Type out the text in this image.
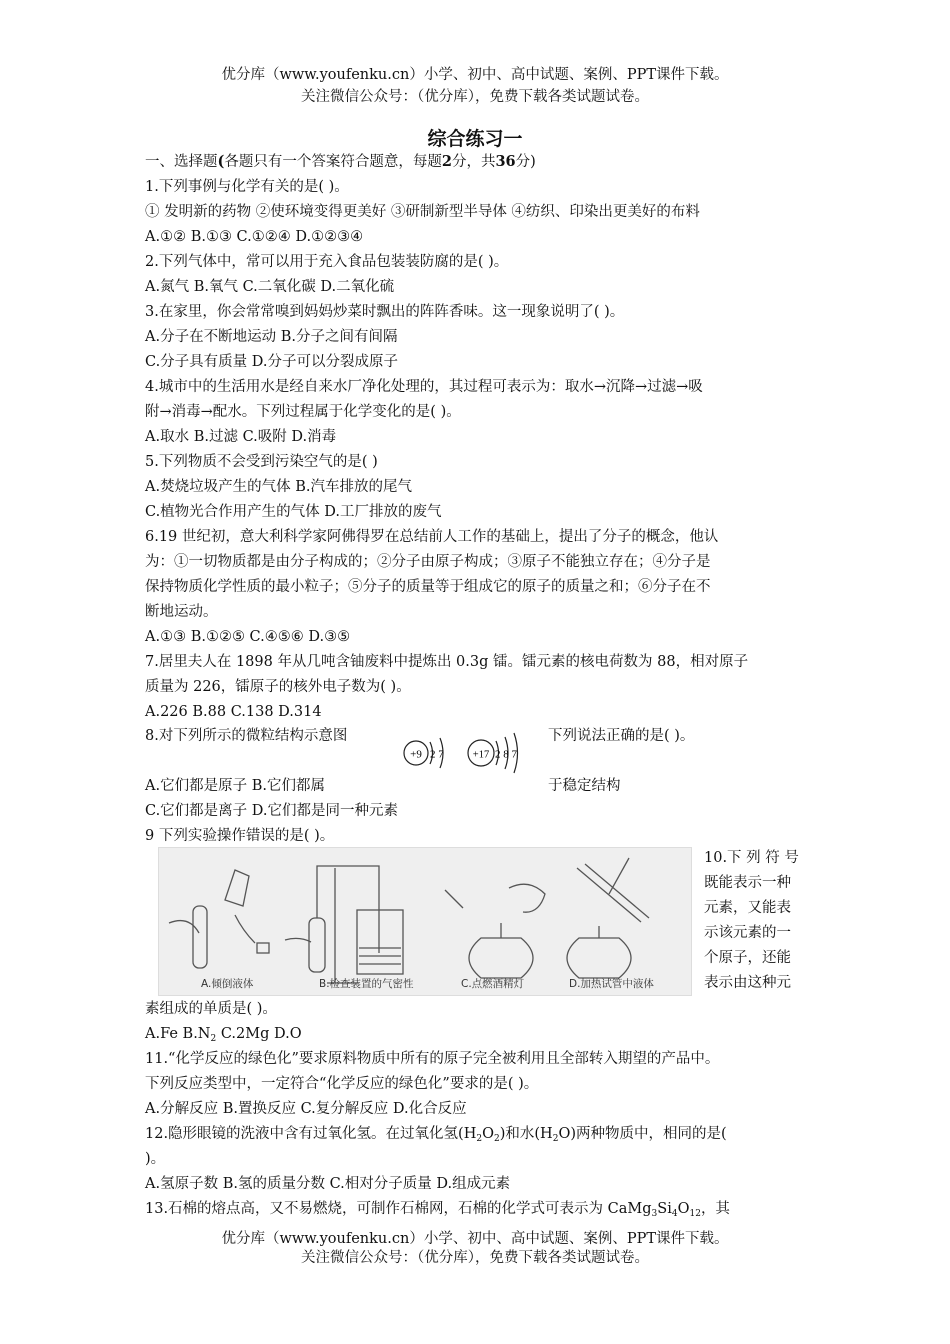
优分库（www.youfenku.cn）小学、初中、高中试题、案例、PPT课件下载。
关注微信公众号：（优分库），免费下载各类试题试卷。
综合练习一
一、选择题(各题只有一个答案符合题意，每题2分，共36分)
1.下列事例与化学有关的是( )。
① 发明新的药物 ②使环境变得更美好 ③研制新型半导体 ④纺织、印染出更美好的布料
A.①② B.①③ C.①②④ D.①②③④
2.下列气体中，常可以用于充入食品包装装防腐的是( )。
A.氮气 B.氧气 C.二氧化碳 D.二氧化硫
3.在家里，你会常常嗅到妈妈炒菜时飘出的阵阵香味。这一现象说明了( )。
A.分子在不断地运动 B.分子之间有间隔
C.分子具有质量 D.分子可以分裂成原子
4.城市中的生活用水是经自来水厂净化处理的，其过程可表示为：取水→沉降→过滤→吸
附→消毒→配水。下列过程属于化学变化的是( )。
A.取水 B.过滤 C.吸附 D.消毒
5.下列物质不会受到污染空气的是( )
A.焚烧垃圾产生的气体 B.汽车排放的尾气
C.植物光合作用产生的气体 D.工厂排放的废气
6.19 世纪初，意大利科学家阿佛得罗在总结前人工作的基础上，提出了分子的概念，他认
为：①一切物质都是由分子构成的；②分子由原子构成；③原子不能独立存在；④分子是
保持物质化学性质的最小粒子；⑤分子的质量等于组成它的原子的质量之和；⑥分子在不
断地运动。
A.①③ B.①②⑤ C.④⑤⑥ D.③⑤
7.居里夫人在 1898 年从几吨含铀废料中提炼出 0.3g 镭。镭元素的核电荷数为 88，相对原子
质量为 226，镭原子的核外电子数为( )。
A.226 B.88 C.138 D.314
8.对下列所示的微粒结构示意图	下列说法正确的是( )。
+9 2 7	+17 2 8 7
A.它们都是原子 B.它们都属	于稳定结构
C.它们都是离子 D.它们都是同一种元素
9 下列实验操作错误的是( )。
A.倾倒液体	B.检查装置的气密性	C.点燃酒精灯	D.加热试管中液体
10.下 列 符 号
既能表示一种
元素，又能表
示该元素的一
个原子，还能
表示由这种元
素组成的单质是( )。
A.Fe $B.N_2$ C.2Mg D.O
11.“化学反应的绿色化”要求原料物质中所有的原子完全被利用且全部转入期望的产品中。
下列反应类型中，一定符合“化学反应的绿色化”要求的是( )。
A.分解反应 B.置换反应 C.复分解反应 D.化合反应
12.隐形眼镜的洗液中含有过氧化氢。在过氧化氢$(H_2O_2)$和水$(H_2O)$两种物质中，相同的是(
)。
A.氢原子数 B.氢的质量分数 C.相对分子质量 D.组成元素
13.石棉的熔点高，又不易燃烧，可制作石棉网，石棉的化学式可表示为 $CaMg_3Si_4O_{12}$，其
优分库（www.youfenku.cn）小学、初中、高中试题、案例、PPT课件下载。
关注微信公众号：（优分库），免费下载各类试题试卷。
